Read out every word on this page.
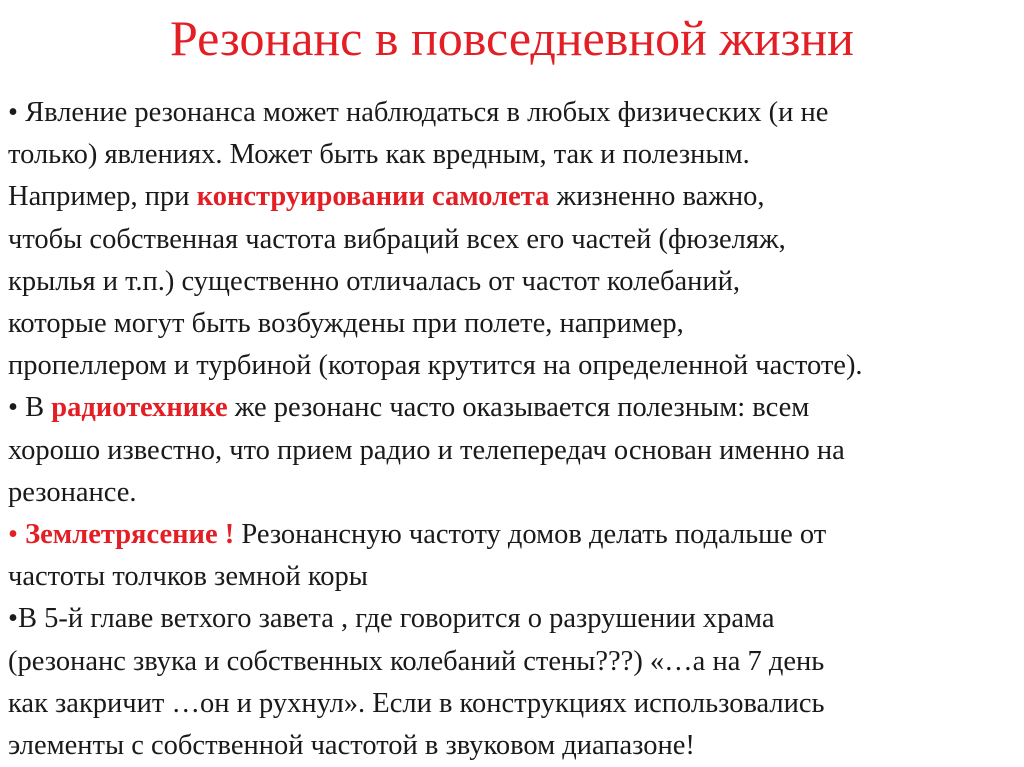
Резонанс в повседневной жизни
• Явление резонанса может наблюдаться в любых физических (и не
только) явлениях. Может быть как вредным, так и полезным.
Например, при конструировании самолета жизненно важно,
чтобы собственная частота вибраций всех его частей (фюзеляж,
крылья и т.п.) существенно отличалась от частот колебаний,
которые могут быть возбуждены при полете, например,
пропеллером и турбиной (которая крутится на определенной частоте).
• В радиотехнике же резонанс часто оказывается полезным: всем
хорошо известно, что прием радио и телепередач основан именно на
резонансе.
• Землетрясение ! Резонансную частоту домов делать подальше от
частоты толчков земной коры
•В 5-й главе ветхого завета , где говорится о разрушении храма
(резонанс звука и собственных колебаний стены???) «…а на 7 день
как закричит …он и рухнул». Если в конструкциях использовались
элементы с собственной частотой в звуковом диапазоне!
